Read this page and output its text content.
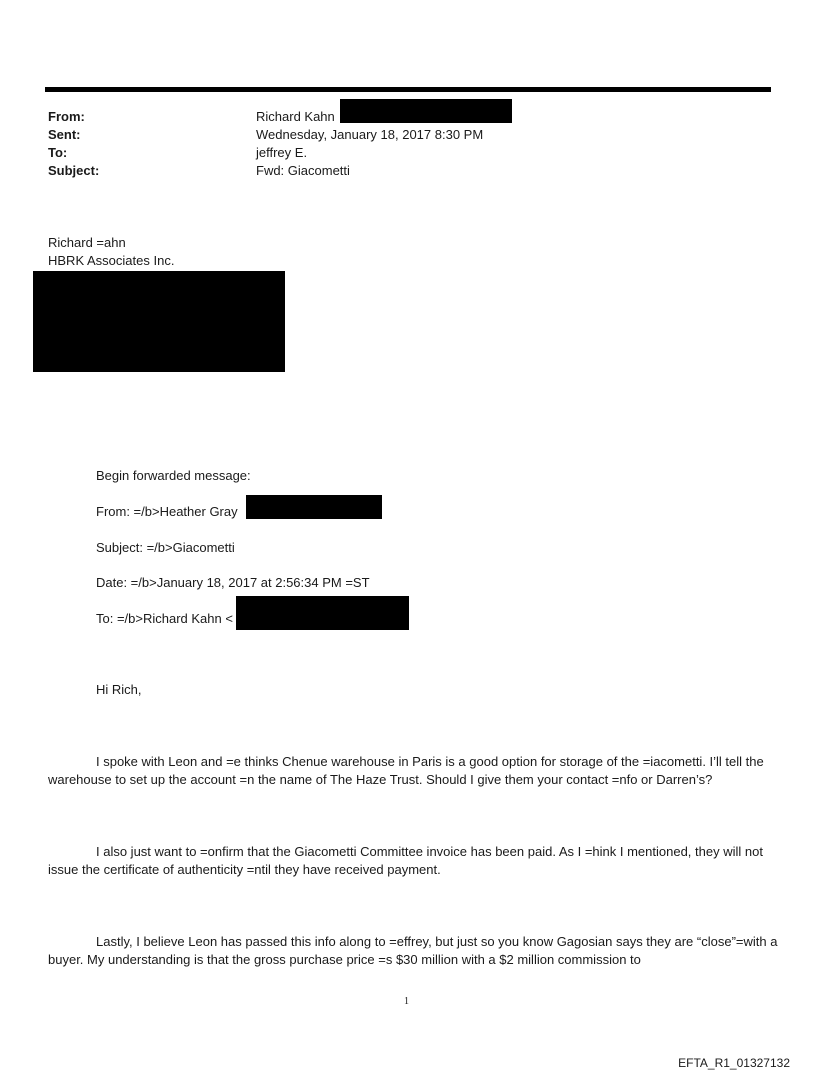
From:	Richard Kahn
Sent:	Wednesday, January 18, 2017 8:30 PM
To:	jeffrey E.
Subject:	Fwd: Giacometti
Richard =ahn
HBRK Associates Inc.
Begin forwarded message:
From: =/b>Heather Gray
Subject: =/b>Giacometti
Date: =/b>January 18, 2017 at 2:56:34 PM =ST
To: =/b>Richard Kahn <
Hi Rich,
I spoke with Leon and =e thinks Chenue warehouse in Paris is a good option for storage of the =iacometti. I’ll tell the warehouse to set up the account =n the name of The Haze Trust. Should I give them your contact =nfo or Darren’s?
I also just want to =onfirm that the Giacometti Committee invoice has been paid. As I =hink I mentioned, they will not issue the certificate of authenticity =ntil they have received payment.
Lastly, I believe Leon has passed this info along to =effrey, but just so you know Gagosian says they are “close”=with a buyer. My understanding is that the gross purchase price =s $30 million with a $2 million commission to
1
EFTA_R1_01327132
